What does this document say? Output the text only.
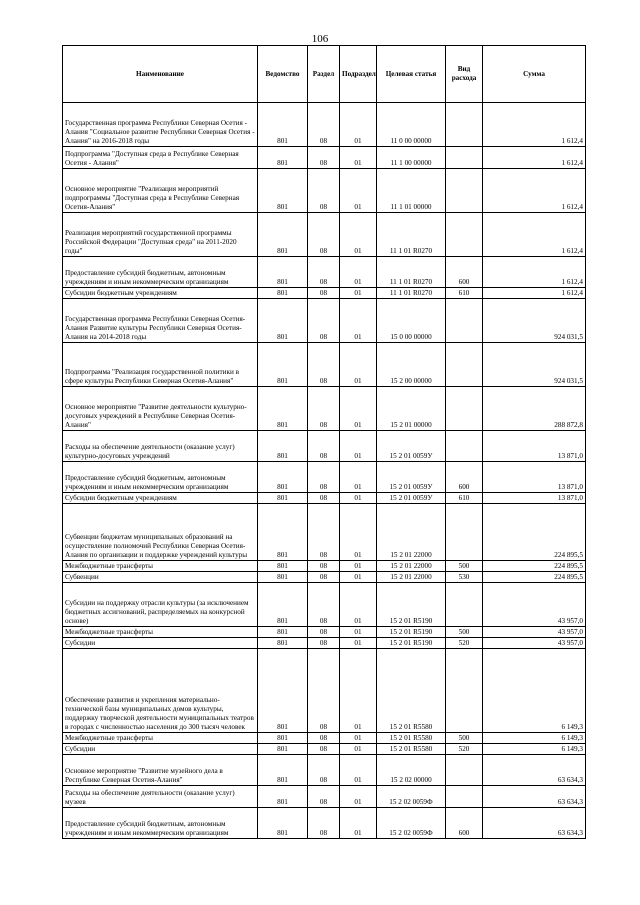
106
Наименование	Ведомство	Раздел	Подраздел	Целевая статья	Вид расхода	Сумма
Государственная программа Республики Северная Осетия - Алания "Социальное развитие Республики Северная Осетия - Алания" на 2016-2018 годы	801	08	01	11 0 00 00000		1 612,4
Подпрограмма "Доступная среда в Республике Северная Осетия - Алания"	801	08	01	11 1 00 00000		1 612,4
Основное мероприятие "Реализация мероприятий подпрограммы "Доступная среда в Республике Северная Осетия-Алания"	801	08	01	11 1 01 00000		1 612,4
Реализация мероприятий государственной программы Российской Федерации "Доступная среда" на 2011-2020 годы"	801	08	01	11 1 01 R0270		1 612,4
Предоставление субсидий бюджетным, автономным учреждениям и иным некоммерческим организациям	801	08	01	11 1 01 R0270	600	1 612,4
Субсидии бюджетным учреждениям	801	08	01	11 1 01 R0270	610	1 612,4
Государственная программа Республики Северная Осетия-Алания Развитие культуры Республики Северная Осетия-Алания на 2014-2018 годы	801	08	01	15 0 00 00000		924 031,5
Подпрограмма "Реализация государственной политики в сфере культуры Республики Северная Осетия-Алания"	801	08	01	15 2 00 00000		924 031,5
Основное мероприятие "Развитие деятельности культурно-досуговых учреждений в Республике Северная Осетия-Алания"	801	08	01	15 2 01 00000		288 872,8
Расходы на обеспечение деятельности (оказание услуг) культурно-досуговых учреждений	801	08	01	15 2 01 0059У		13 871,0
Предоставление субсидий бюджетным, автономным учреждениям и иным некоммерческим организациям	801	08	01	15 2 01 0059У	600	13 871,0
Субсидии бюджетным учреждениям	801	08	01	15 2 01 0059У	610	13 871,0
Субвенции бюджетам муниципальных образований на осуществление полномочий Республики Северная Осетия-Алания по организации и поддержке учреждений культуры	801	08	01	15 2 01 22000		224 895,5
Межбюджетные трансферты	801	08	01	15 2 01 22000	500	224 895,5
Субвенции	801	08	01	15 2 01 22000	530	224 895,5
Субсидии на поддержку отрасли культуры (за исключением бюджетных ассигнований, распределяемых на конкурсной основе)	801	08	01	15 2 01 R5190		43 957,0
Межбюджетные трансферты	801	08	01	15 2 01 R5190	500	43 957,0
Субсидии	801	08	01	15 2 01 R5190	520	43 957,0
Обеспечение развития и укрепления материально-технической базы муниципальных домов культуры, поддержку творческой деятельности муниципальных театров в городах с численностью населения до 300 тысяч человек	801	08	01	15 2 01 R5580		6 149,3
Межбюджетные трансферты	801	08	01	15 2 01 R5580	500	6 149,3
Субсидии	801	08	01	15 2 01 R5580	520	6 149,3
Основное мероприятие "Развитие музейного дела в Республике Северная Осетия-Алания"	801	08	01	15 2 02 00000		63 634,3
Расходы на обеспечение деятельности (оказание услуг) музеев	801	08	01	15 2 02 0059Ф		63 634,3
Предоставление субсидий бюджетным, автономным учреждениям и иным некоммерческим организациям	801	08	01	15 2 02 0059Ф	600	63 634,3
